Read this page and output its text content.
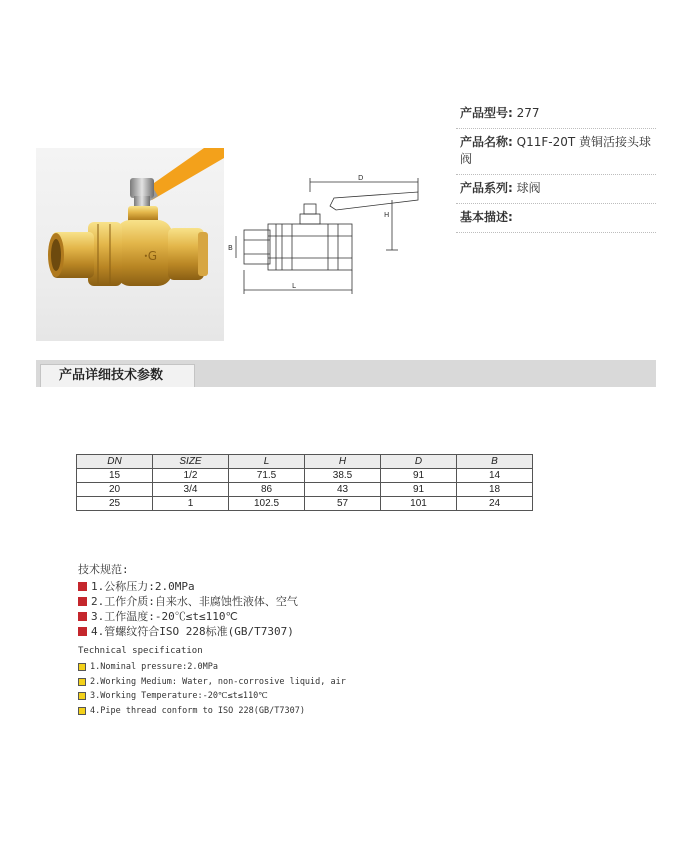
ꞏG
D
H
B
L
产品型号: 277
产品名称: Q11F-20T 黄铜活接头球阀
产品系列: 球阀
基本描述:
产品详细技术参数
DN	SIZE	L	H	D	B
15	1/2	71.5	38.5	91	14
20	3/4	86	43	91	18
25	1	102.5	57	101	24
技术规范:
1.公称压力:2.0MPa
2.工作介质:自来水、非腐蚀性液体、空气
3.工作温度:-20℃≤t≤110℃
4.管螺纹符合ISO 228标准(GB/T7307)
Technical specification
1.Nominal pressure:2.0MPa
2.Working Medium: Water, non-corrosive liquid, air
3.Working Temperature:-20℃≤t≤110℃
4.Pipe thread conform to ISO 228(GB/T7307)
